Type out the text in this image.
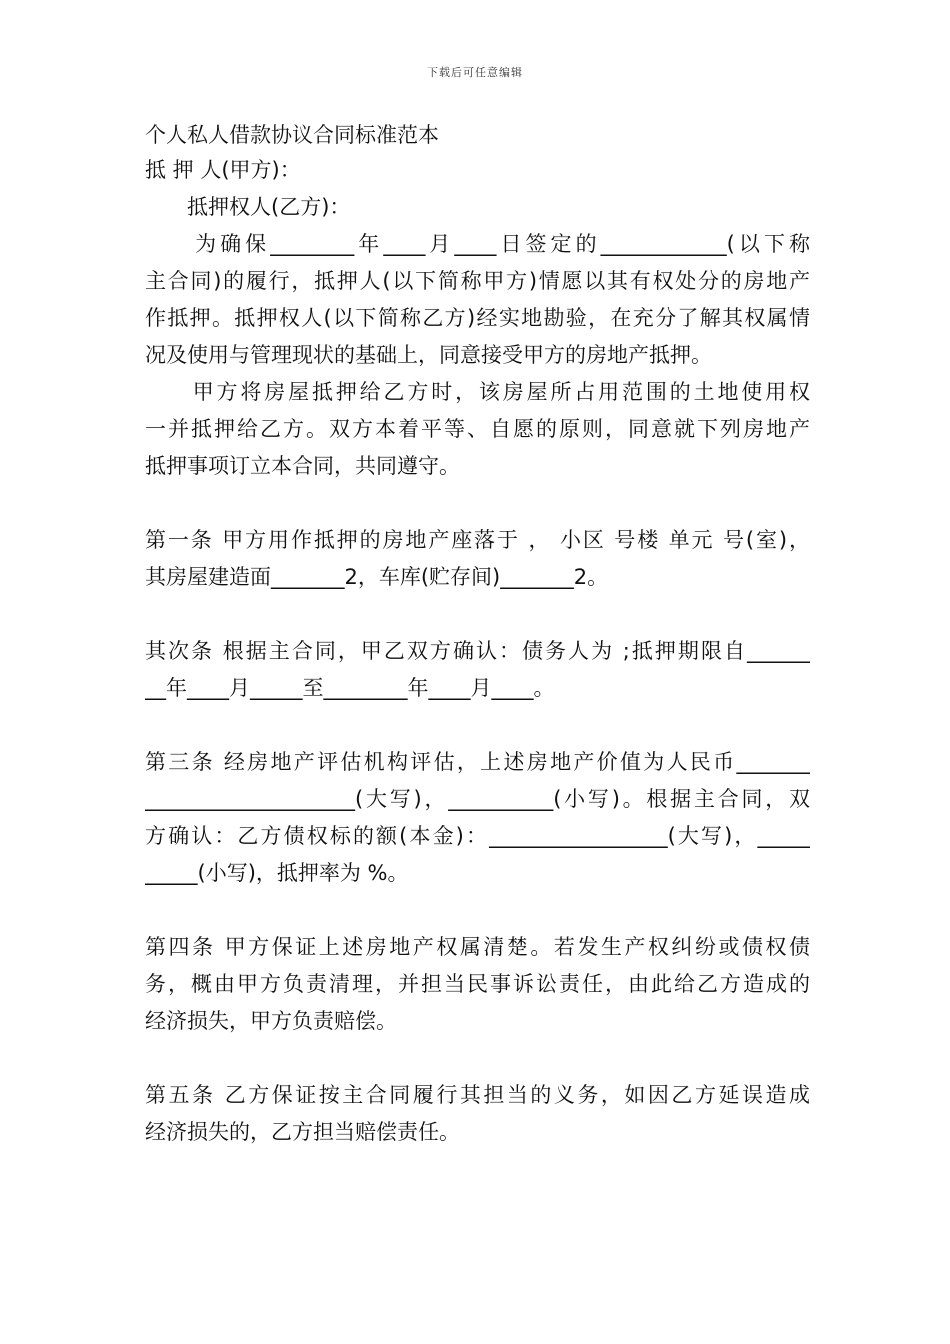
下载后可任意编辑
个人私人借款协议合同标准范本
抵 押 人(甲方)：
　　抵押权人(乙方)：
　　为确保________年____月____日签定的____________(以下称
主合同)的履行，抵押人(以下简称甲方)情愿以其有权处分的房地产
作抵押。抵押权人(以下简称乙方)经实地勘验，在充分了解其权属情
况及使用与管理现状的基础上，同意接受甲方的房地产抵押。
　　甲方将房屋抵押给乙方时，该房屋所占用范围的土地使用权
一并抵押给乙方。双方本着平等、自愿的原则，同意就下列房地产
抵押事项订立本合同，共同遵守。
第一条 甲方用作抵押的房地产座落于 ， 小区 号楼 单元 号(室)，
其房屋建造面_______2，车库(贮存间)_______2。
其次条 根据主合同，甲乙双方确认：债务人为 ;抵押期限自______
__年____月_____至________年____月____。
第三条 经房地产评估机构评估，上述房地产价值为人民币_______
____________________(大写)，__________(小写)。根据主合同，双
方确认：乙方债权标的额(本金)：_________________(大写)，_____
_____(小写)，抵押率为 %。
第四条 甲方保证上述房地产权属清楚。若发生产权纠纷或债权债
务，概由甲方负责清理，并担当民事诉讼责任，由此给乙方造成的
经济损失，甲方负责赔偿。
第五条 乙方保证按主合同履行其担当的义务，如因乙方延误造成
经济损失的，乙方担当赔偿责任。
